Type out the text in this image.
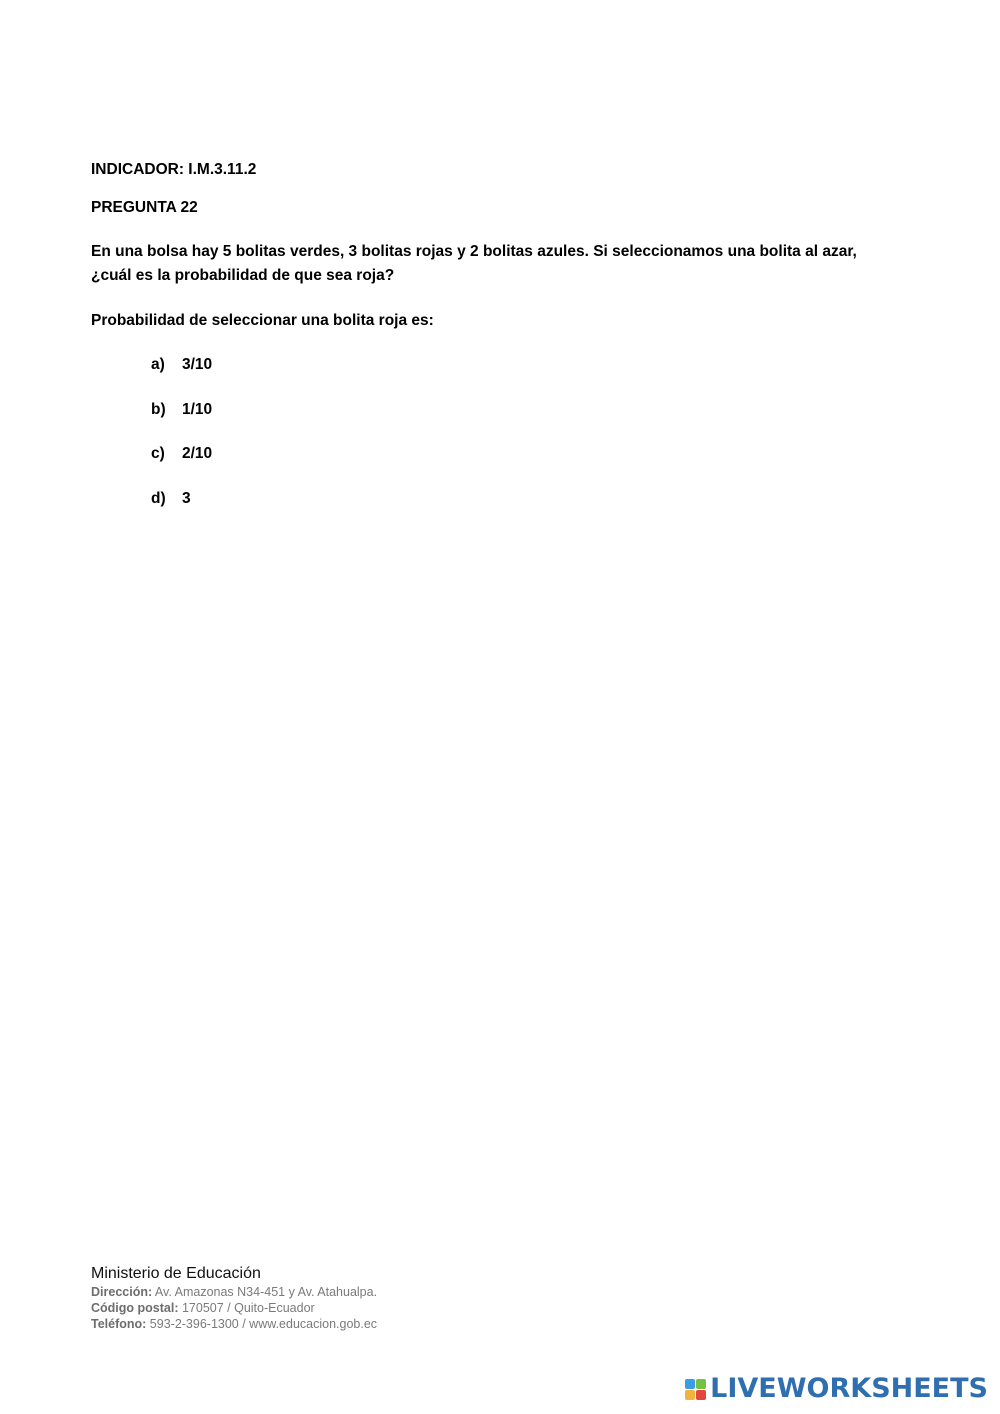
INDICADOR: I.M.3.11.2
PREGUNTA 22
En una bolsa hay 5 bolitas verdes, 3 bolitas rojas y 2 bolitas azules. Si seleccionamos una bolita al azar,
¿cuál es la probabilidad de que sea roja?
Probabilidad de seleccionar una bolita roja es:
a)	3/10
b)	1/10
c)	2/10
d)	3
Ministerio de Educación
Dirección: Av. Amazonas N34-451 y Av. Atahualpa.
Código postal: 170507 / Quito-Ecuador
Teléfono: 593-2-396-1300 / www.educacion.gob.ec
LIVEWORKSHEETS
